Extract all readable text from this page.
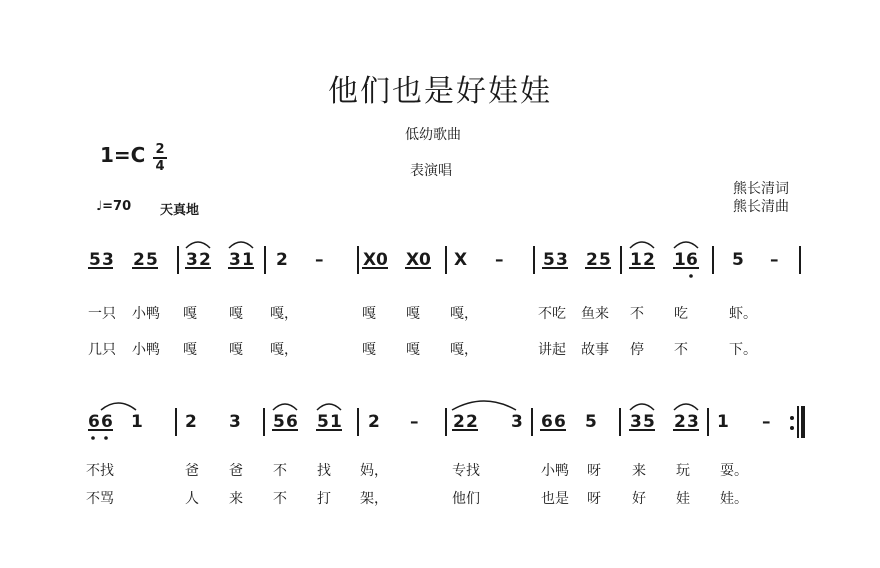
他们也是好娃娃
低幼歌曲
表演唱
1=C 2
4
♩=70 天真地
熊长清词
熊长清曲
5 3 2 5 3 2 3 1 2 – X 0 X 0 X – 5 3 2 5 1 2 1 6 5 –
一只 小鸭 嘎 嘎 嘎，	嘎 嘎 嘎，	不吃 鱼来 不 吃	虾。
几只 小鸭 嘎 嘎 嘎，	嘎 嘎 嘎，	讲起 故事 停 不	下。
6 6 1 2 3 5 6 5 1 2 – 2 2 3 6 6 5 3 5 2 3 1 –
不找	爸 爸 不 找 妈，	专找	小鸭 呀 来 玩 耍。
不骂	人 来 不 打 架，	他们	也是 呀 好 娃 娃。
